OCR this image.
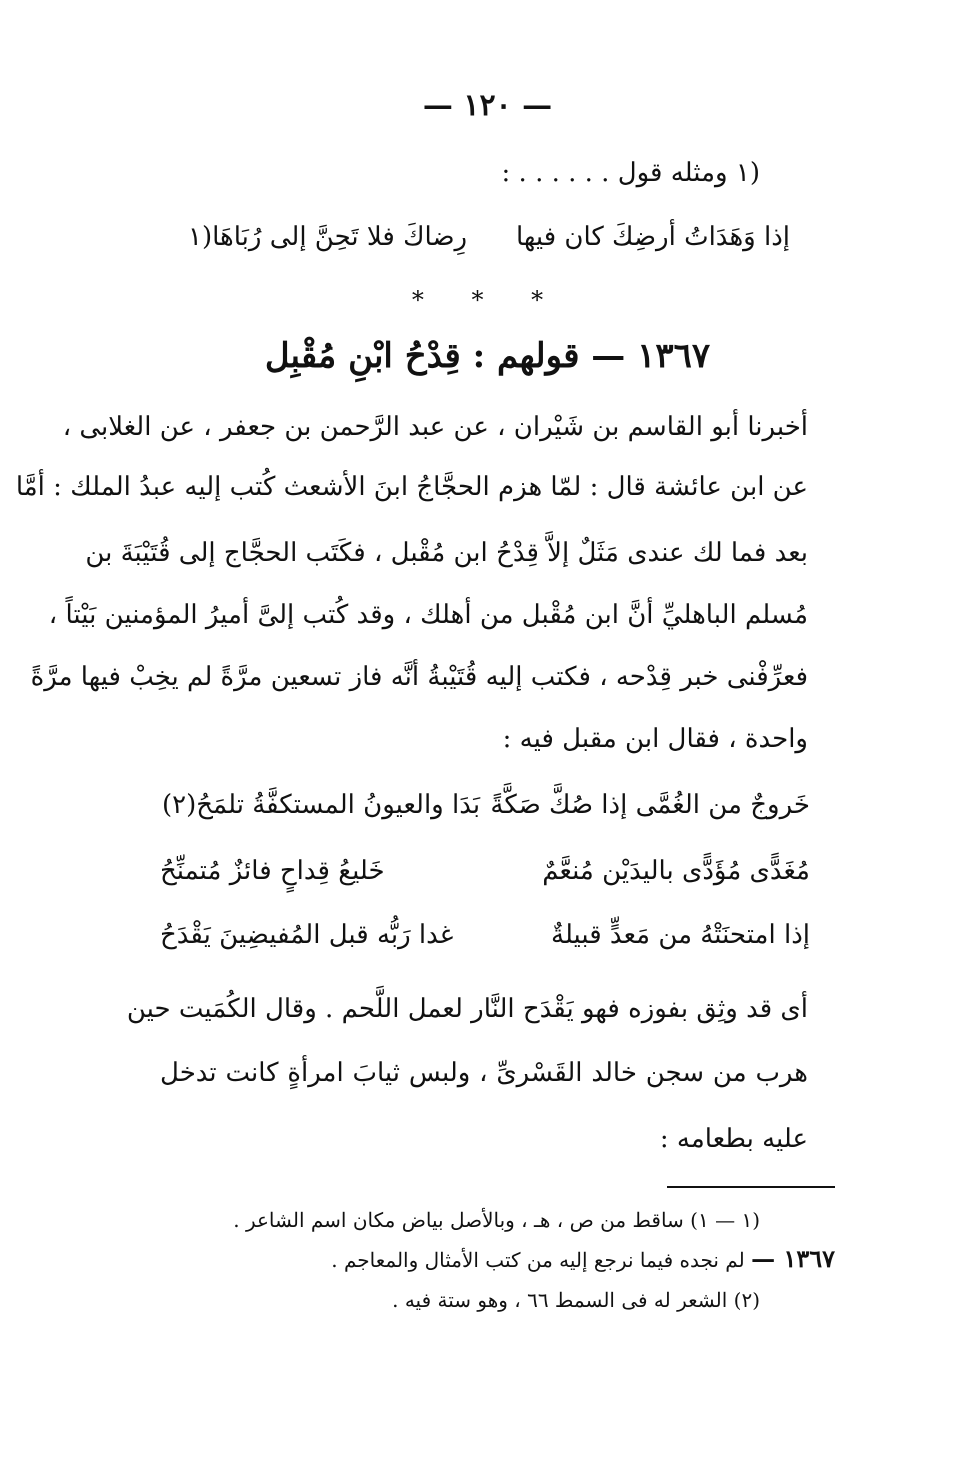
— ١٢٠ —
(١ ومثله قول . . . . . . :
إذا وَهَدَاتُ أرضِكَ كان فيها
رِضاكَ فلا تَحِنَّ إلى رُبَاهَا(١
* * *
١٣٦٧ — قولهم : قِدْحُ ابْنِ مُقْبِل
أخبرنا أبو القاسم بن شَيْران ، عن عبد الرَّحمن بن جعفر ، عن الغلابى ،
عن ابن عائشة قال : لمّا هزم الحجَّاجُ ابنَ الأشعث كُتب إليه عبدُ الملك : أمَّا
بعد فما لك عندى مَثَلٌ إلاَّ قِدْحُ ابن مُقْبل ، فكَتَب الحجَّاج إلى قُتَيْبَةَ بن
مُسلم الباهليِّ أنَّ ابن مُقْبل من أهلك ، وقد كُتب إلىَّ أميرُ المؤمنين بَيْتاً ،
فعرِّفْنى خبر قِدْحه ، فكتب إليه قُتَيْبةُ أنَّه فاز تسعين مرَّةً لم يخِبْ فيها مرَّةً
واحدة ، فقال ابن مقبل فيه :
خَروجٌ من الغُمَّى إذا صُكَّ صَكَّةً
بَدَا والعيونُ المستكفَّةُ تلمَحُ(٢)
مُغَدًّى مُؤَدًّى باليدَيْن مُنعَّمٌ
خَليعُ قِداحٍ فائزٌ مُتمنِّحُ
إذا امتحنَتْهُ من مَعدٍّ قبيلةٌ
غدا رَبُّه قبل المُفيضِينَ يَقْدَحُ
أى قد وثِق بفوزه فهو يَقْدَح النَّار لعمل اللَّحم . وقال الكُمَيت حين
هرب من سجن خالد القَسْرىِّ ، ولبس ثيابَ امرأةٍ كانت تدخل
عليه بطعامه :
(١ — ١) ساقط من ص ، هـ ، وبالأصل بياض مكان اسم الشاعر .
١٣٦٧ — لم نجده فيما نرجع إليه من كتب الأمثال والمعاجم .
(٢) الشعر له فى السمط ٦٦ ، وهو ستة فيه .
